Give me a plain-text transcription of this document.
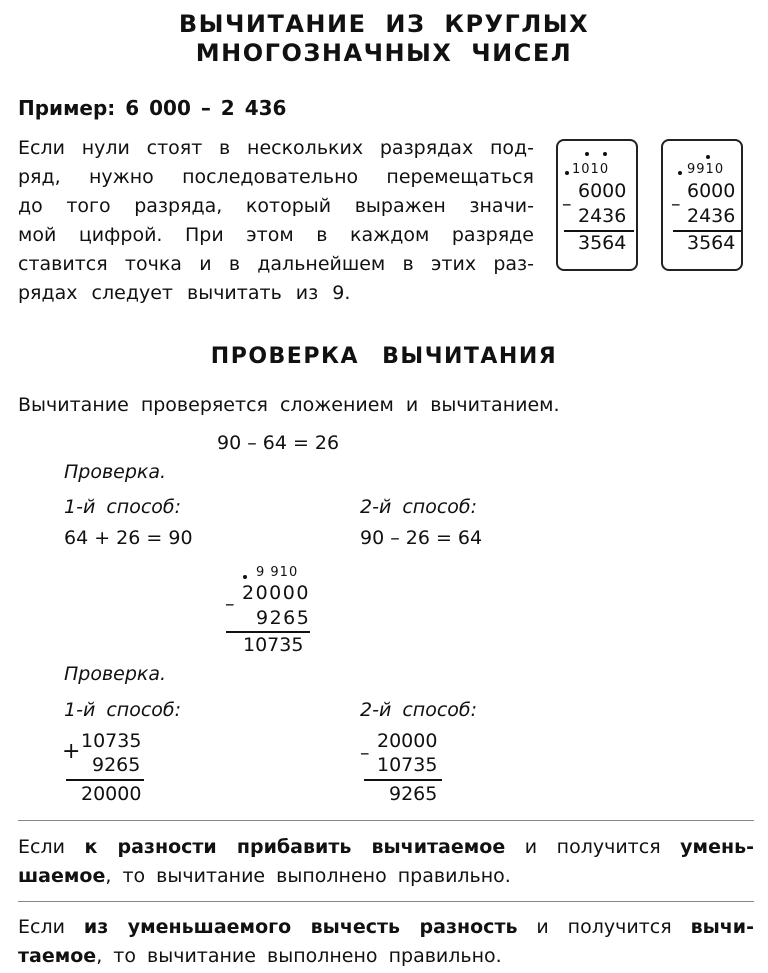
ВЫЧИТАНИЕ ИЗ КРУГЛЫХ
МНОГОЗНАЧНЫХ ЧИСЕЛ
Пример: 6 000 – 2 436
Если нули стоят в нескольких разрядах под-
ряд, нужно последовательно перемещаться
до того разряда, который выражен значи-
мой цифрой. При этом в каждом разряде
ставится точка и в дальнейшем в этих раз-
рядах следует вычитать из 9.
1010
6000
–
2436
3564
9910
6000
–
2436
3564
ПРОВЕРКА ВЫЧИТАНИЯ
Вычитание проверяется сложением и вычитанием.
90 – 64 = 26
Проверка.
1-й способ:	2-й способ:
64 + 26 = 90	90 – 26 = 64
9 910
20000
–
9265
10735
Проверка.
1-й способ:	2-й способ:
10735
+
9265
20000
20000
–
10735
9265
Если к разности прибавить вычитаемое и получится умень-
шаемое, то вычитание выполнено правильно.
Если из уменьшаемого вычесть разность и получится вычи-
таемое, то вычитание выполнено правильно.
